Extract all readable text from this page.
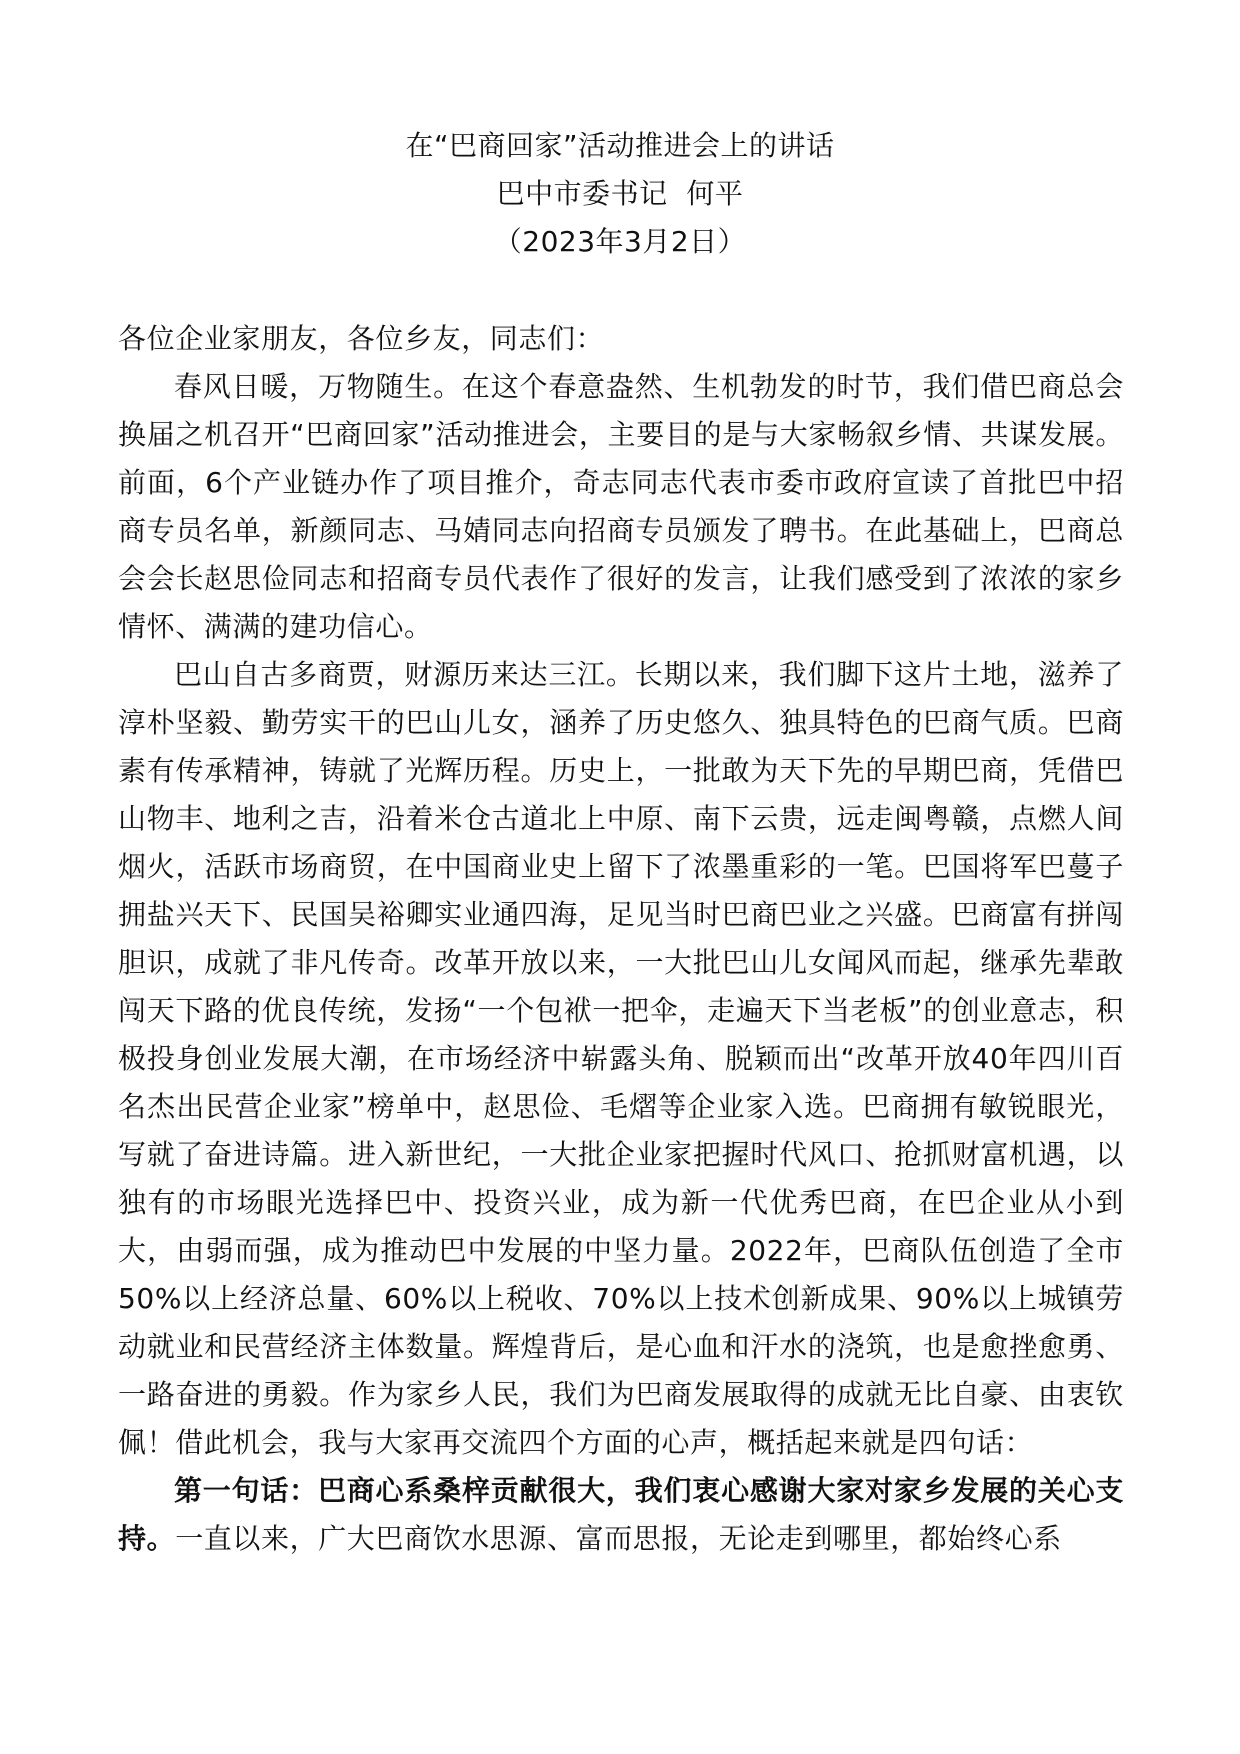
在“巴商回家”活动推进会上的讲话
巴中市委书记  何平
（2023年3月2日）

各位企业家朋友，各位乡友，同志们：

春风日暖，万物随生。在这个春意盎然、生机勃发的时节，我们借巴商总会换届之机召开“巴商回家”活动推进会，主要目的是与大家畅叙乡情、共谋发展。前面，6个产业链办作了项目推介，奇志同志代表市委市政府宣读了首批巴中招商专员名单，新颜同志、马婧同志向招商专员颁发了聘书。在此基础上，巴商总会会长赵思俭同志和招商专员代表作了很好的发言，让我们感受到了浓浓的家乡情怀、满满的建功信心。

巴山自古多商贾，财源历来达三江。长期以来，我们脚下这片土地，滋养了淳朴坚毅、勤劳实干的巴山儿女，涵养了历史悠久、独具特色的巴商气质。巴商素有传承精神，铸就了光辉历程。历史上，一批敢为天下先的早期巴商，凭借巴山物丰、地利之吉，沿着米仓古道北上中原、南下云贵，远走闽粤赣，点燃人间烟火，活跃市场商贸，在中国商业史上留下了浓墨重彩的一笔。巴国将军巴蔓子拥盐兴天下、民国吴裕卿实业通四海，足见当时巴商巴业之兴盛。巴商富有拼闯胆识，成就了非凡传奇。改革开放以来，一大批巴山儿女闻风而起，继承先辈敢闯天下路的优良传统，发扬“一个包袱一把伞，走遍天下当老板”的创业意志，积极投身创业发展大潮，在市场经济中崭露头角、脱颖而出“改革开放40年四川百名杰出民营企业家”榜单中，赵思俭、毛熠等企业家入选。巴商拥有敏锐眼光，写就了奋进诗篇。进入新世纪，一大批企业家把握时代风口、抢抓财富机遇，以独有的市场眼光选择巴中、投资兴业，成为新一代优秀巴商，在巴企业从小到大，由弱而强，成为推动巴中发展的中坚力量。2022年，巴商队伍创造了全市50%以上经济总量、60%以上税收、70%以上技术创新成果、90%以上城镇劳动就业和民营经济主体数量。辉煌背后，是心血和汗水的浇筑，也是愈挫愈勇、一路奋进的勇毅。作为家乡人民，我们为巴商发展取得的成就无比自豪、由衷钦佩！借此机会，我与大家再交流四个方面的心声，概括起来就是四句话：

第一句话：巴商心系桑梓贡献很大，我们衷心感谢大家对家乡发展的关心支持。一直以来，广大巴商饮水思源、富而思报，无论走到哪里，都始终心系
